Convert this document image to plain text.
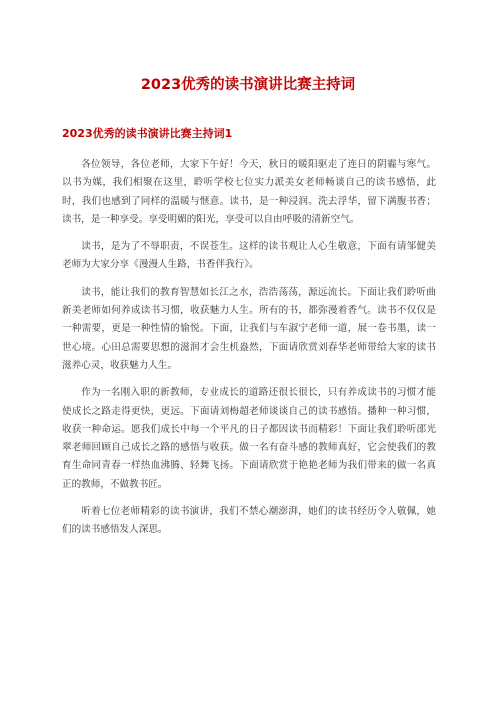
2023优秀的读书演讲比赛主持词
2023优秀的读书演讲比赛主持词1

各位领导，各位老师，大家下午好！今天，秋日的暖阳驱走了连日的阴霾与寒气。以书为媒，我们相聚在这里，聆听学校七位实力派美女老师畅谈自己的读书感悟，此时，我们也感到了同样的温暖与惬意。读书，是一种浸润。洗去浮华，留下满腹书香；读书，是一种享受。享受明媚的阳光，享受可以自由呼吸的清新空气。

读书，是为了不辱职责，不误苍生。这样的读书观让人心生敬意，下面有请邹健美老师为大家分享《漫漫人生路，书香伴我行》。

读书，能让我们的教育智慧如长江之水，浩浩荡荡，源远流长。下面让我们聆听曲新美老师如何养成读书习惯，收获魅力人生。所有的书，都弥漫着香气。读书不仅仅是一种需要，更是一种性情的愉悦。下面，让我们与车淑宁老师一道，展一卷书墨，读一世心境。心田总需要思想的滋润才会生机盎然，下面请欣赏刘春华老师带给大家的读书滋养心灵，收获魅力人生。

作为一名刚入职的新教师，专业成长的道路还很长很长，只有养成读书的习惯才能使成长之路走得更快，更远。下面请刘梅超老师谈谈自己的读书感悟。播种一种习惯，收获一种命运。愿我们成长中每一个平凡的日子都因读书而精彩！下面让我们聆听邵光翠老师回顾自己成长之路的感悟与收获。做一名有奋斗感的教师真好，它会使我们的教育生命同青春一样热血沸腾、轻舞飞扬。下面请欣赏于艳艳老师为我们带来的做一名真正的教师，不做教书匠。

听着七位老师精彩的读书演讲，我们不禁心潮澎湃，她们的读书经历令人敬佩，她们的读书感悟发人深思。
